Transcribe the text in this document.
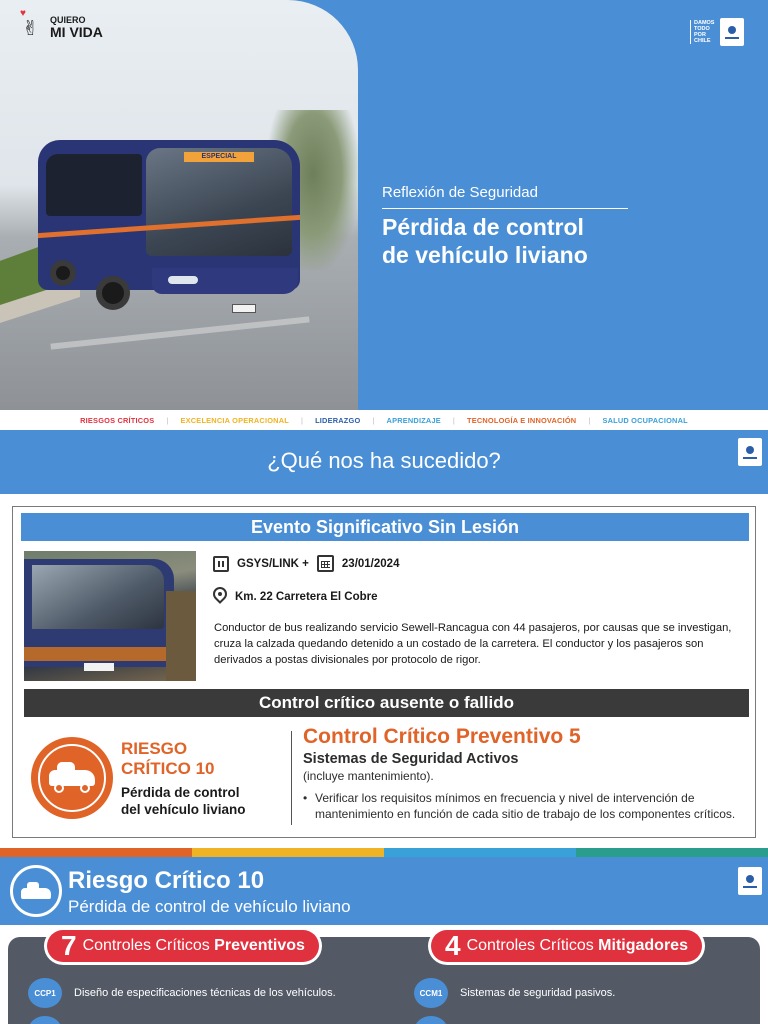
ESPECIAL
♥ ✌
QUIERO
MI VIDA
DAMOS
TODO
POR
CHILE
Reflexión de Seguridad
Pérdida de control
de vehículo liviano
RIESGOS CRÍTICOS | EXCELENCIA OPERACIONAL | LIDERAZGO | APRENDIZAJE | TECNOLOGÍA E INNOVACIÓN | SALUD OCUPACIONAL
¿Qué nos ha sucedido?
Evento Significativo Sin Lesión
GSYS/LINK +	23/01/2024
Km. 22 Carretera El Cobre
Conductor de bus realizando servicio Sewell-Rancagua con 44 pasajeros, por causas que se investigan, cruza la calzada quedando detenido a un costado de la carretera. El conductor y los pasajeros son derivados a postas divisionales por protocolo de rigor.
Control crítico ausente o fallido
RIESGO
CRÍTICO 10
Pérdida de control
del vehículo liviano
Control Crítico Preventivo 5
Sistemas de Seguridad Activos
(incluye mantenimiento).
• Verificar los requisitos mínimos en frecuencia y nivel de intervención de mantenimiento en función de cada sitio de trabajo de los componentes críticos.
Riesgo Crítico 10
Pérdida de control de vehículo liviano
7 Controles Críticos Preventivos	4 Controles Críticos Mitigadores
CCP1	Diseño de especificaciones técnicas de los vehículos.	CCM1	Sistemas de seguridad pasivos.
